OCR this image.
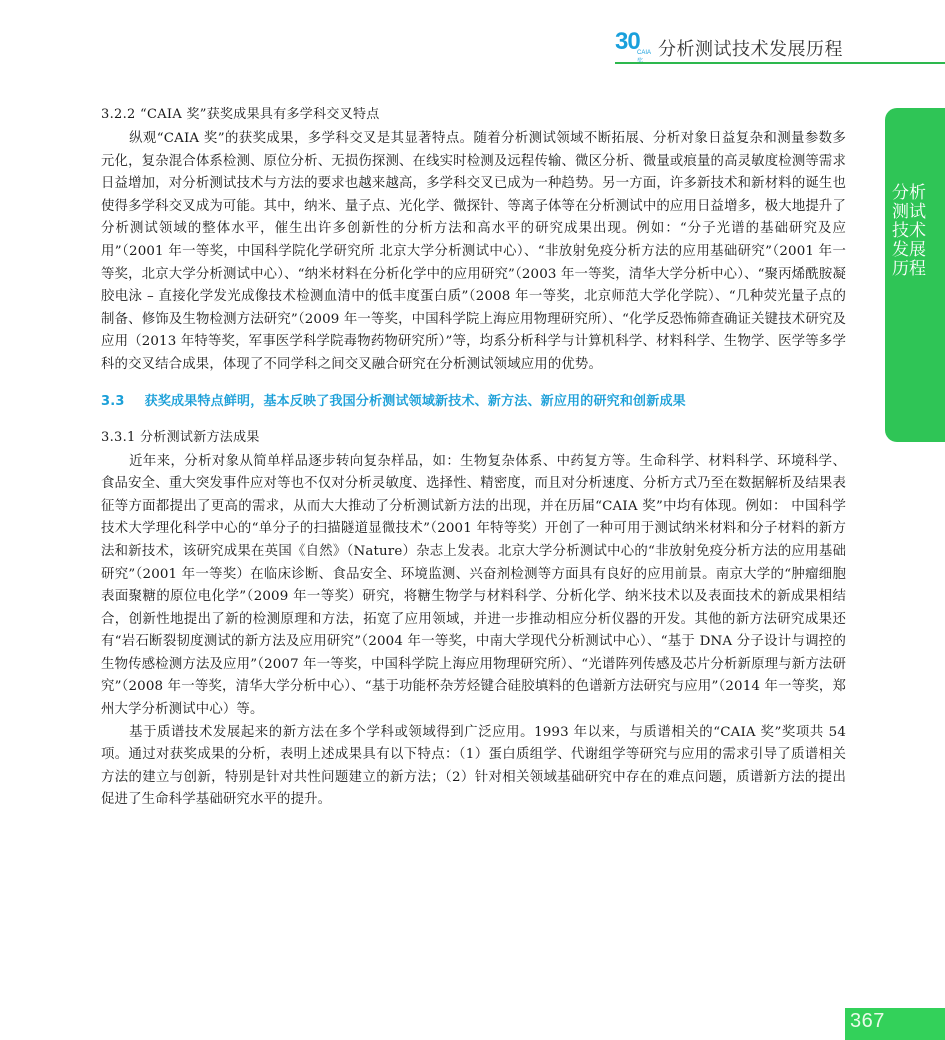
30
CAIA 分析测试技术发展历程
分析测试技术发展历程
3.2.2 “CAIA 奖”获奖成果具有多学科交叉特点

纵观“CAIA 奖”的获奖成果，多学科交叉是其显著特点。随着分析测试领域不断拓展、分析对象日益复杂和测量参数多元化，复杂混合体系检测、原位分析、无损伤探测、在线实时检测及远程传输、微区分析、微量或痕量的高灵敏度检测等需求日益增加，对分析测试技术与方法的要求也越来越高，多学科交叉已成为一种趋势。另一方面，许多新技术和新材料的诞生也使得多学科交叉成为可能。其中，纳米、量子点、光化学、微探针、等离子体等在分析测试中的应用日益增多，极大地提升了分析测试领域的整体水平，催生出许多创新性的分析方法和高水平的研究成果出现。例如：“分子光谱的基础研究及应用”（2001 年一等奖，中国科学院化学研究所 北京大学分析测试中心）、“非放射免疫分析方法的应用基础研究”（2001 年一等奖，北京大学分析测试中心）、“纳米材料在分析化学中的应用研究”（2003 年一等奖，清华大学分析中心）、“聚丙烯酰胺凝胶电泳 – 直接化学发光成像技术检测血清中的低丰度蛋白质”（2008 年一等奖，北京师范大学化学院）、“几种荧光量子点的制备、修饰及生物检测方法研究”（2009 年一等奖，中国科学院上海应用物理研究所）、“化学反恐怖筛查确证关键技术研究及应用（2013 年特等奖，军事医学科学院毒物药物研究所）”等，均系分析科学与计算机科学、材料科学、生物学、医学等多学科的交叉结合成果，体现了不同学科之间交叉融合研究在分析测试领域应用的优势。

3.3 获奖成果特点鲜明，基本反映了我国分析测试领域新技术、新方法、新应用的研究和创新成果
3.3.1 分析测试新方法成果

近年来，分析对象从简单样品逐步转向复杂样品，如：生物复杂体系、中药复方等。生命科学、材料科学、环境科学、食品安全、重大突发事件应对等也不仅对分析灵敏度、选择性、精密度，而且对分析速度、分析方式乃至在数据解析及结果表征等方面都提出了更高的需求，从而大大推动了分析测试新方法的出现，并在历届“CAIA 奖”中均有体现。例如： 中国科学技术大学理化科学中心的“单分子的扫描隧道显微技术”（2001 年特等奖）开创了一种可用于测试纳米材料和分子材料的新方法和新技术，该研究成果在英国《自然》（Nature）杂志上发表。北京大学分析测试中心的“非放射免疫分析方法的应用基础研究”（2001 年一等奖）在临床诊断、食品安全、环境监测、兴奋剂检测等方面具有良好的应用前景。南京大学的“肿瘤细胞表面聚糖的原位电化学”（2009 年一等奖）研究，将糖生物学与材料科学、分析化学、纳米技术以及表面技术的新成果相结合，创新性地提出了新的检测原理和方法，拓宽了应用领域，并进一步推动相应分析仪器的开发。其他的新方法研究成果还有“岩石断裂韧度测试的新方法及应用研究”（2004 年一等奖，中南大学现代分析测试中心）、“基于 DNA 分子设计与调控的生物传感检测方法及应用”（2007 年一等奖，中国科学院上海应用物理研究所）、“光谱阵列传感及芯片分析新原理与新方法研究”（2008 年一等奖，清华大学分析中心）、“基于功能杯杂芳烃键合硅胶填料的色谱新方法研究与应用”（2014 年一等奖，郑州大学分析测试中心）等。

基于质谱技术发展起来的新方法在多个学科或领域得到广泛应用。1993 年以来，与质谱相关的“CAIA 奖”奖项共 54 项。通过对获奖成果的分析，表明上述成果具有以下特点：（1）蛋白质组学、代谢组学等研究与应用的需求引导了质谱相关方法的建立与创新，特别是针对共性问题建立的新方法；（2）针对相关领域基础研究中存在的难点问题，质谱新方法的提出促进了生命科学基础研究水平的提升。

367
